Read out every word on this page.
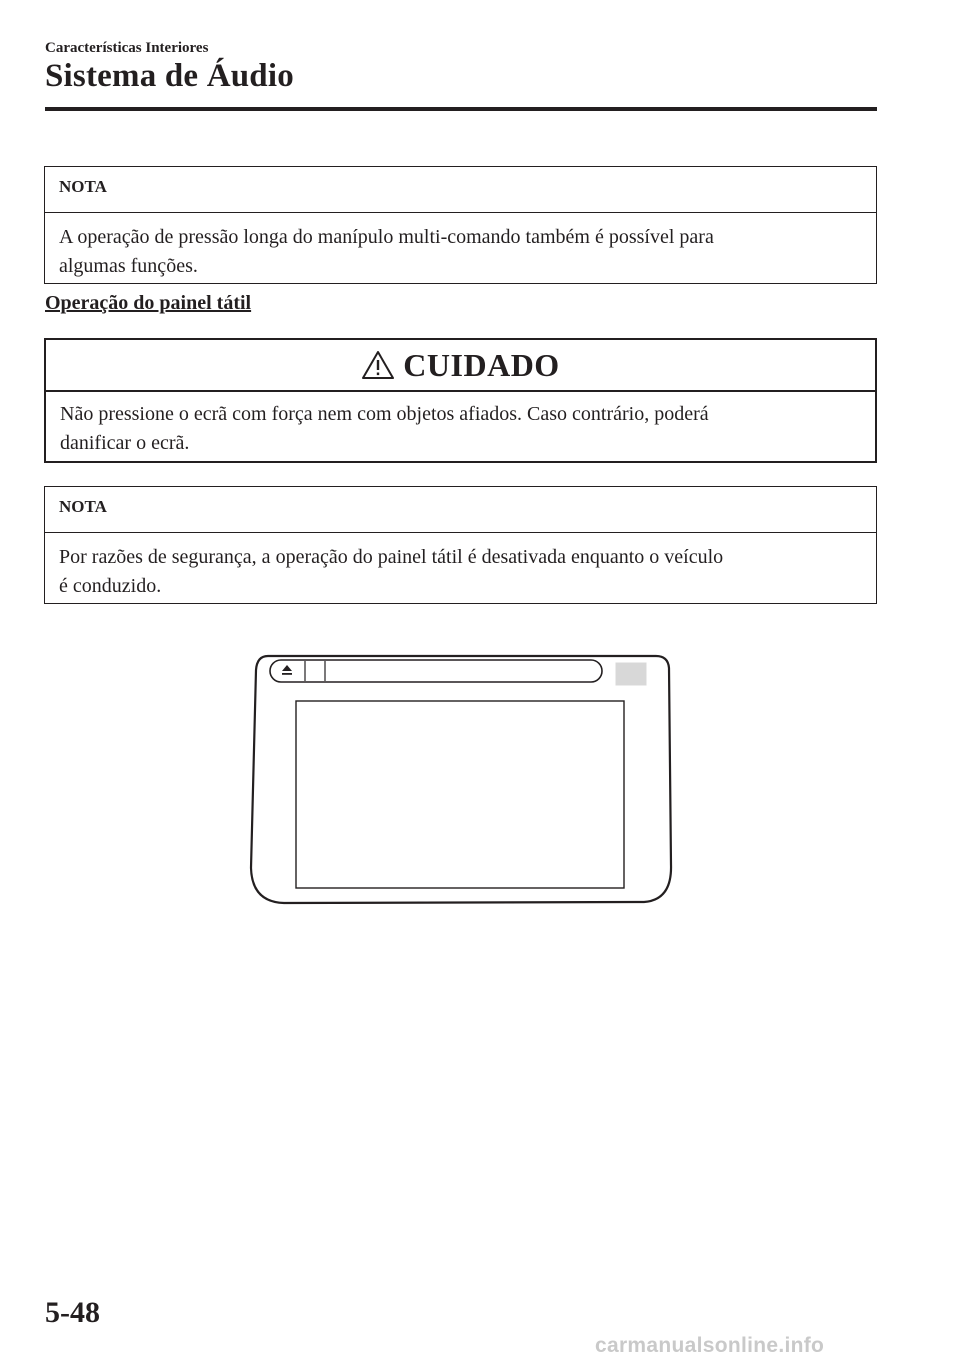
Características Interiores
Sistema de Áudio
NOTA
A operação de pressão longa do manípulo multi-comando também é possível para
algumas funções.
Operação do painel tátil
CUIDADO
Não pressione o ecrã com força nem com objetos afiados. Caso contrário, poderá
danificar o ecrã.
NOTA
Por razões de segurança, a operação do painel tátil é desativada enquanto o veículo
é conduzido.
5-48
carmanualsonline.info
